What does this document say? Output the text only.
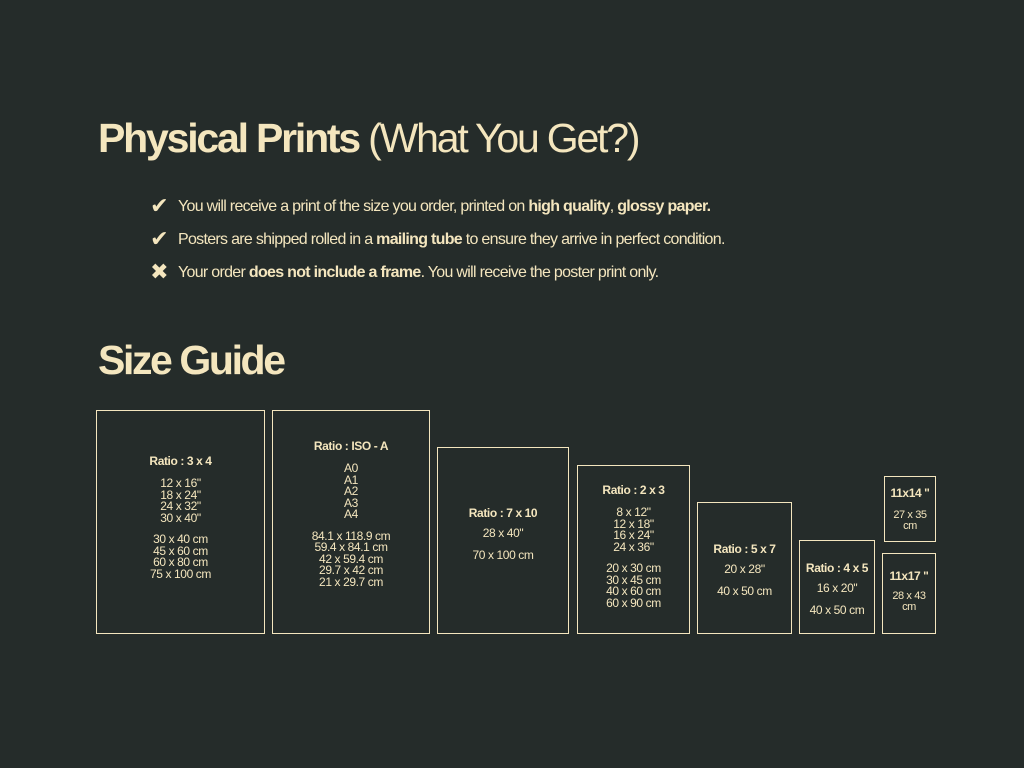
Physical Prints (What You Get?)
✔ You will receive a print of the size you order, printed on high quality, glossy paper.
✔ Posters are shipped rolled in a mailing tube to ensure they arrive in perfect condition.
✖ Your order does not include a frame. You will receive the poster print only.
Size Guide
Ratio : 3 x 4
12 x 16"
18 x 24"
24 x 32"
30 x 40"
30 x 40 cm
45 x 60 cm
60 x 80 cm
75 x 100 cm
Ratio : ISO - A
A0
A1
A2
A3
A4
84.1 x 118.9 cm
59.4 x 84.1 cm
42 x 59.4 cm
29.7 x 42 cm
21 x 29.7 cm
Ratio : 7 x 10
28 x 40"
70 x 100 cm
Ratio : 2 x 3
8 x 12"
12 x 18"
16 x 24"
24 x 36"
20 x 30 cm
30 x 45 cm
40 x 60 cm
60 x 90 cm
Ratio : 5 x 7
20 x 28"
40 x 50 cm
Ratio : 4 x 5
16 x 20"
40 x 50 cm
11x14 "
27 x 35
cm
11x17 "
28 x 43
cm
